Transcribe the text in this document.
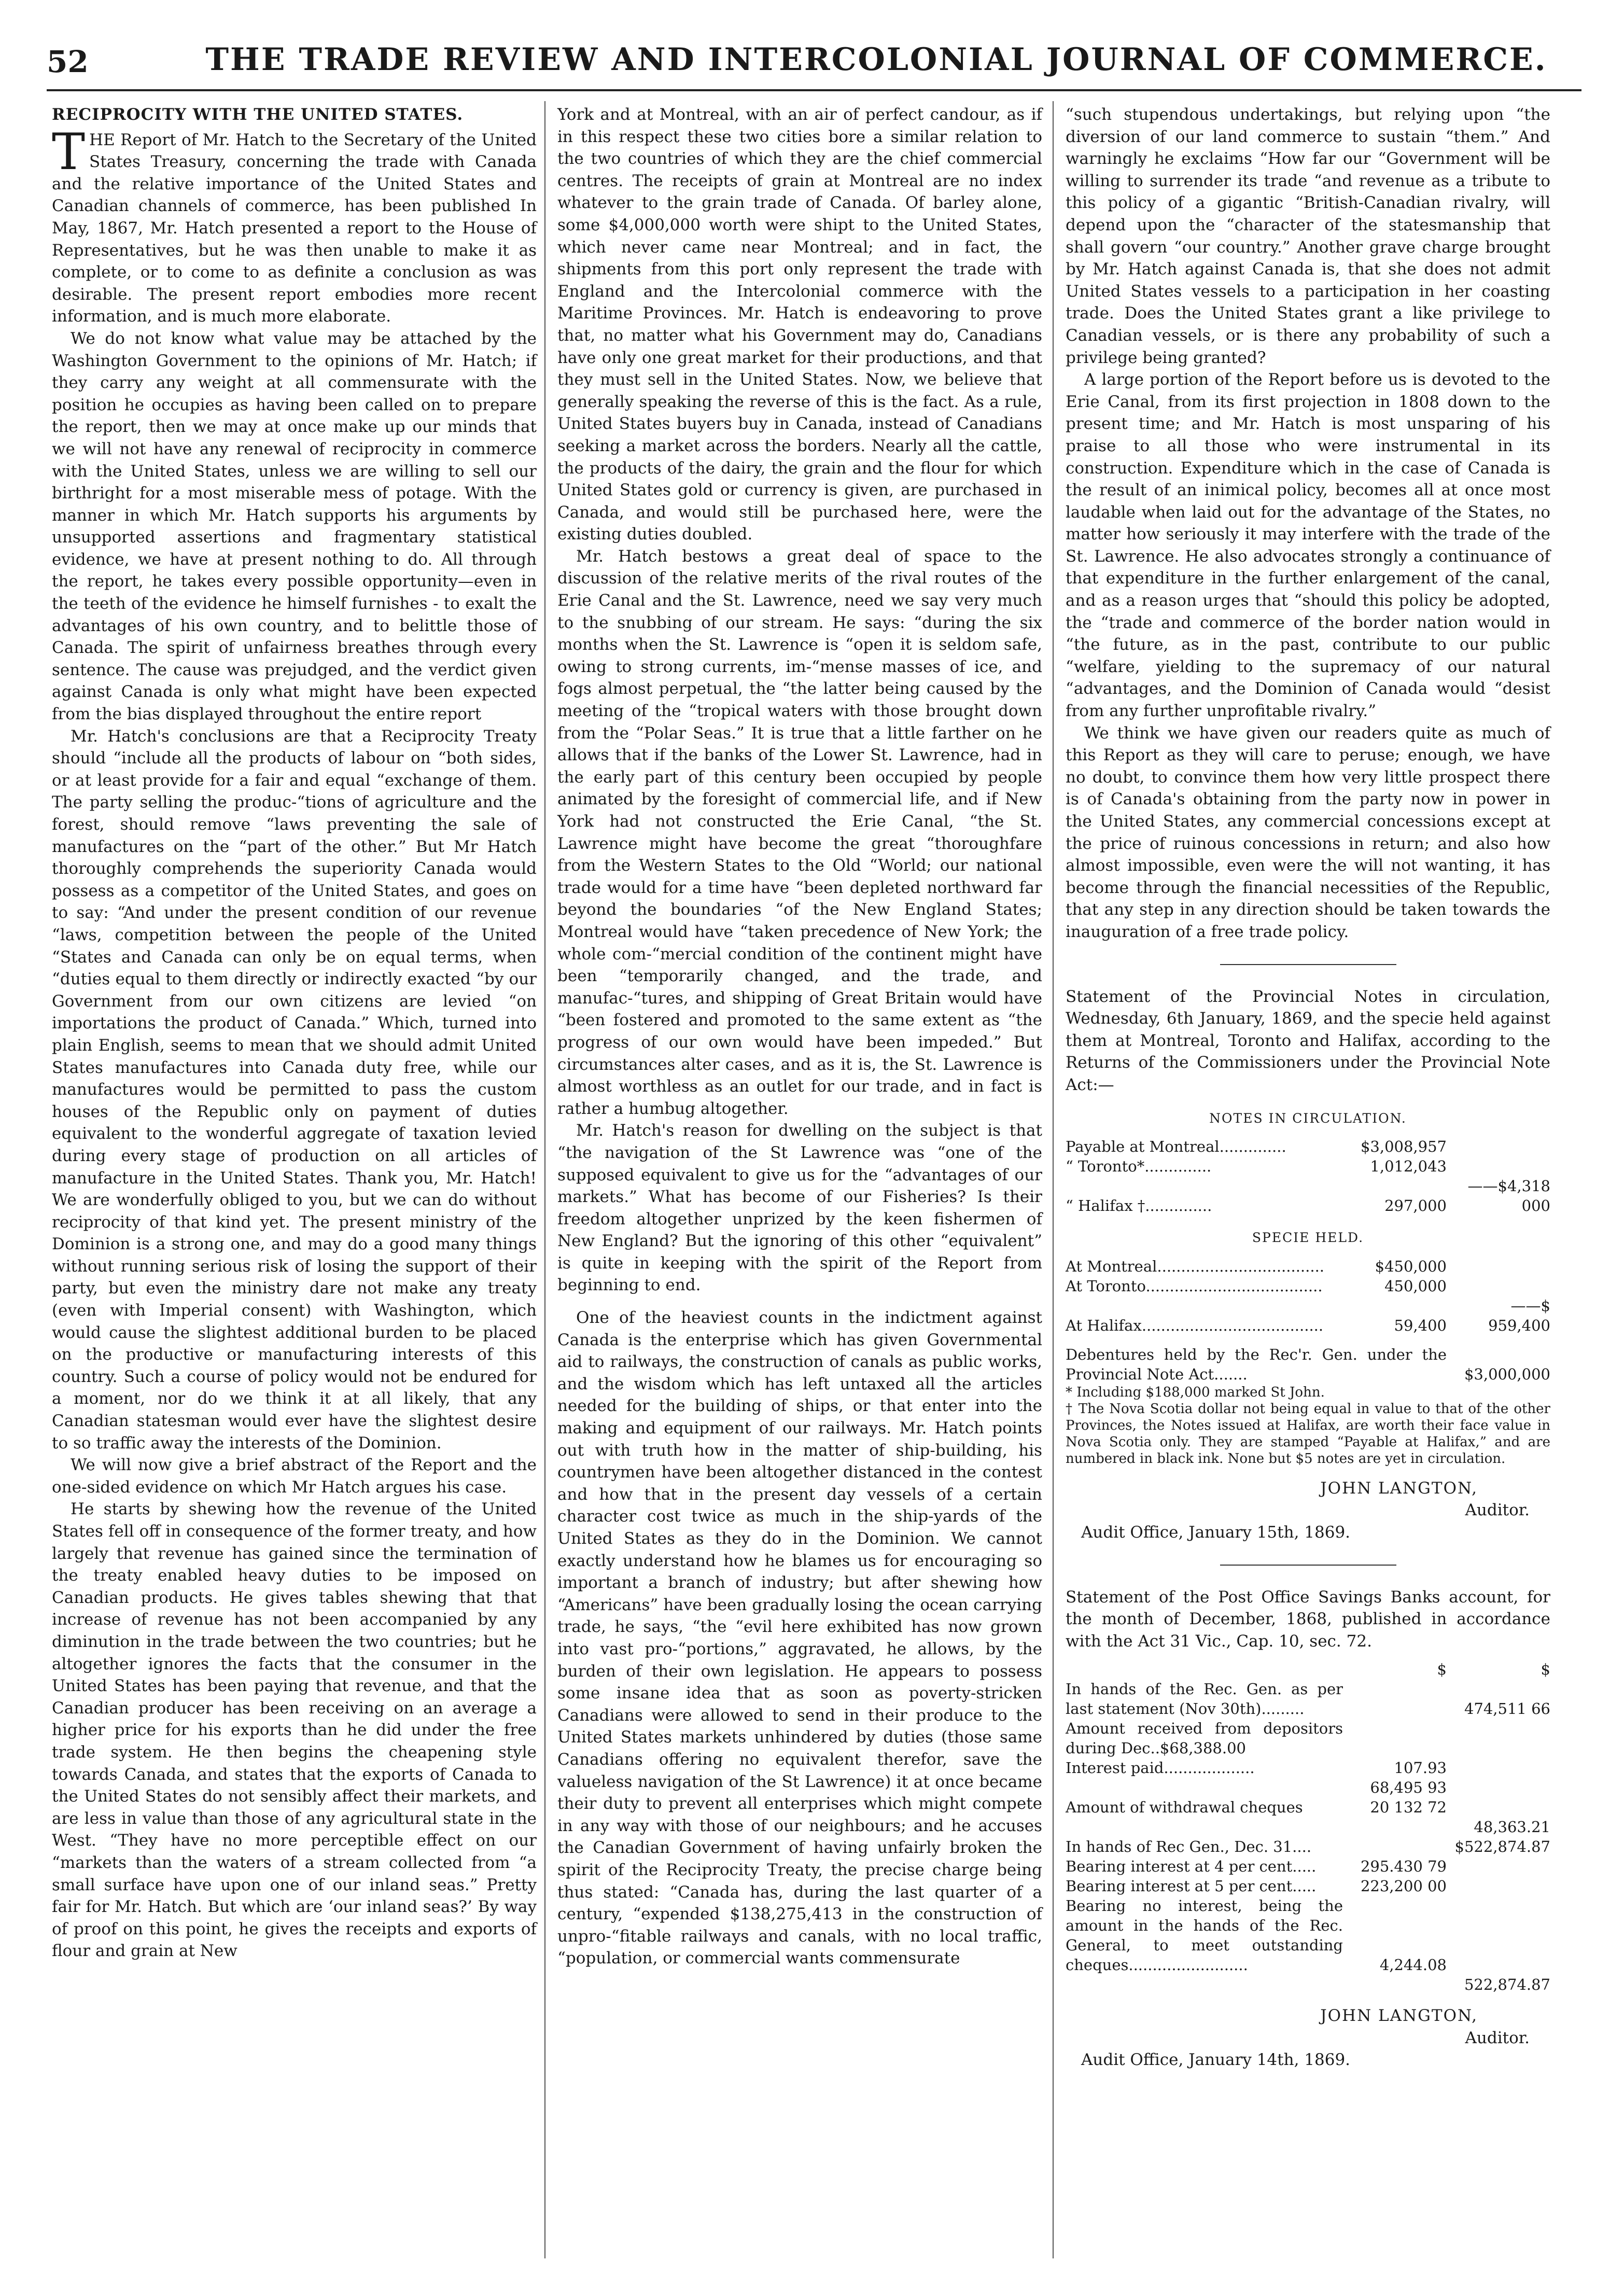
52	THE TRADE REVIEW AND INTERCOLONIAL JOURNAL OF COMMERCE.
RECIPROCITY WITH THE UNITED STATES.

THE Report of Mr. Hatch to the Secretary of the United States Treasury, concerning the trade with Canada and the relative importance of the United States and Canadian channels of commerce, has been published In May, 1867, Mr. Hatch presented a report to the House of Representatives, but he was then unable to make it as complete, or to come to as definite a conclusion as was desirable. The present report embodies more recent information, and is much more elaborate.

We do not know what value may be attached by the Washington Government to the opinions of Mr. Hatch; if they carry any weight at all commensurate with the position he occupies as having been called on to prepare the report, then we may at once make up our minds that we will not have any renewal of reciprocity in commerce with the United States, unless we are willing to sell our birthright for a most miserable mess of potage. With the manner in which Mr. Hatch supports his arguments by unsupported assertions and fragmentary statistical evidence, we have at present nothing to do. All through the report, he takes every possible opportunity—even in the teeth of the evidence he himself furnishes - to exalt the advantages of his own country, and to belittle those of Canada. The spirit of unfairness breathes through every sentence. The cause was prejudged, and the verdict given against Canada is only what might have been expected from the bias displayed throughout the entire report

Mr. Hatch's conclusions are that a Reciprocity Treaty should “include all the products of labour on “both sides, or at least provide for a fair and equal “exchange of them. The party selling the produc-“tions of agriculture and the forest, should remove “laws preventing the sale of manufactures on the “part of the other.” But Mr Hatch thoroughly comprehends the superiority Canada would possess as a competitor of the United States, and goes on to say: “And under the present condition of our revenue “laws, competition between the people of the United “States and Canada can only be on equal terms, when “duties equal to them directly or indirectly exacted “by our Government from our own citizens are levied “on importations the product of Canada.” Which, turned into plain English, seems to mean that we should admit United States manufactures into Canada duty free, while our manufactures would be permitted to pass the custom houses of the Republic only on payment of duties equivalent to the wonderful aggregate of taxation levied during every stage of production on all articles of manufacture in the United States. Thank you, Mr. Hatch! We are wonderfully obliged to you, but we can do without reciprocity of that kind yet. The present ministry of the Dominion is a strong one, and may do a good many things without running serious risk of losing the support of their party, but even the ministry dare not make any treaty (even with Imperial consent) with Washington, which would cause the slightest additional burden to be placed on the productive or manufacturing interests of this country. Such a course of policy would not be endured for a moment, nor do we think it at all likely, that any Canadian statesman would ever have the slightest desire to so traffic away the interests of the Dominion.

We will now give a brief abstract of the Report and the one-sided evidence on which Mr Hatch argues his case.

He starts by shewing how the revenue of the United States fell off in consequence of the former treaty, and how largely that revenue has gained since the termination of the treaty enabled heavy duties to be imposed on Canadian products. He gives tables shewing that that increase of revenue has not been accompanied by any diminution in the trade between the two countries; but he altogether ignores the facts that the consumer in the United States has been paying that revenue, and that the Canadian producer has been receiving on an average a higher price for his exports than he did under the free trade system. He then begins the cheapening style towards Canada, and states that the exports of Canada to the United States do not sensibly affect their markets, and are less in value than those of any agricultural state in the West. “They have no more perceptible effect on our “markets than the waters of a stream collected from “a small surface have upon one of our inland seas.” Pretty fair for Mr. Hatch. But which are ‘our inland seas?’ By way of proof on this point, he gives the receipts and exports of flour and grain at New

York and at Montreal, with an air of perfect candour, as if in this respect these two cities bore a similar relation to the two countries of which they are the chief commercial centres. The receipts of grain at Montreal are no index whatever to the grain trade of Canada. Of barley alone, some $4,000,000 worth were shipt to the United States, which never came near Montreal; and in fact, the shipments from this port only represent the trade with England and the Intercolonial commerce with the Maritime Provinces. Mr. Hatch is endeavoring to prove that, no matter what his Government may do, Canadians have only one great market for their productions, and that they must sell in the United States. Now, we believe that generally speaking the reverse of this is the fact. As a rule, United States buyers buy in Canada, instead of Canadians seeking a market across the borders. Nearly all the cattle, the products of the dairy, the grain and the flour for which United States gold or currency is given, are purchased in Canada, and would still be purchased here, were the existing duties doubled.

Mr. Hatch bestows a great deal of space to the discussion of the relative merits of the rival routes of the Erie Canal and the St. Lawrence, need we say very much to the snubbing of our stream. He says: “during the six months when the St. Lawrence is “open it is seldom safe, owing to strong currents, im-“mense masses of ice, and fogs almost perpetual, the “the latter being caused by the meeting of the “tropical waters with those brought down from the “Polar Seas.” It is true that a little farther on he allows that if the banks of the Lower St. Lawrence, had in the early part of this century been occupied by people animated by the foresight of commercial life, and if New York had not constructed the Erie Canal, “the St. Lawrence might have become the great “thoroughfare from the Western States to the Old “World; our national trade would for a time have “been depleted northward far beyond the boundaries “of the New England States; Montreal would have “taken precedence of New York; the whole com-“mercial condition of the continent might have been “temporarily changed, and the trade, and manufac-“tures, and shipping of Great Britain would have “been fostered and promoted to the same extent as “the progress of our own would have been impeded.” But circumstances alter cases, and as it is, the St. Lawrence is almost worthless as an outlet for our trade, and in fact is rather a humbug altogether.

Mr. Hatch's reason for dwelling on the subject is that “the navigation of the St Lawrence was “one of the supposed equivalent to give us for the “advantages of our markets.” What has become of our Fisheries? Is their freedom altogether unprized by the keen fishermen of New England? But the ignoring of this other “equivalent” is quite in keeping with the spirit of the Report from beginning to end.

One of the heaviest counts in the indictment against Canada is the enterprise which has given Governmental aid to railways, the construction of canals as public works, and the wisdom which has left untaxed all the articles needed for the building of ships, or that enter into the making and equipment of our railways. Mr. Hatch points out with truth how in the matter of ship-building, his countrymen have been altogether distanced in the contest and how that in the present day vessels of a certain character cost twice as much in the ship-yards of the United States as they do in the Dominion. We cannot exactly understand how he blames us for encouraging so important a branch of industry; but after shewing how “Americans” have been gradually losing the ocean carrying trade, he says, “the “evil here exhibited has now grown into vast pro-“portions,” aggravated, he allows, by the burden of their own legislation. He appears to possess some insane idea that as soon as poverty-stricken Canadians were allowed to send in their produce to the United States markets unhindered by duties (those same Canadians offering no equivalent therefor, save the valueless navigation of the St Lawrence) it at once became their duty to prevent all enterprises which might compete in any way with those of our neighbours; and he accuses the Canadian Government of having unfairly broken the spirit of the Reciprocity Treaty, the precise charge being thus stated: “Canada has, during the last quarter of a century, “expended $138,275,413 in the construction of unpro-“fitable railways and canals, with no local traffic, “population, or commercial wants commensurate

“such stupendous undertakings, but relying upon “the diversion of our land commerce to sustain “them.” And warningly he exclaims “How far our “Government will be willing to surrender its trade “and revenue as a tribute to this policy of a gigantic “British-Canadian rivalry, will depend upon the “character of the statesmanship that shall govern “our country.” Another grave charge brought by Mr. Hatch against Canada is, that she does not admit United States vessels to a participation in her coasting trade. Does the United States grant a like privilege to Canadian vessels, or is there any probability of such a privilege being granted?

A large portion of the Report before us is devoted to the Erie Canal, from its first projection in 1808 down to the present time; and Mr. Hatch is most unsparing of his praise to all those who were instrumental in its construction. Expenditure which in the case of Canada is the result of an inimical policy, becomes all at once most laudable when laid out for the advantage of the States, no matter how seriously it may interfere with the trade of the St. Lawrence. He also advocates strongly a continuance of that expenditure in the further enlargement of the canal, and as a reason urges that “should this policy be adopted, the “trade and commerce of the border nation would in “the future, as in the past, contribute to our public “welfare, yielding to the supremacy of our natural “advantages, and the Dominion of Canada would “desist from any further unprofitable rivalry.”

We think we have given our readers quite as much of this Report as they will care to peruse; enough, we have no doubt, to convince them how very little prospect there is of Canada's obtaining from the party now in power in the United States, any commercial concessions except at the price of ruinous concessions in return; and also how almost impossible, even were the will not wanting, it has become through the financial necessities of the Republic, that any step in any direction should be taken towards the inauguration of a free trade policy.

Statement of the Provincial Notes in circulation, Wednesday, 6th January, 1869, and the specie held against them at Montreal, Toronto and Halifax, according to the Returns of the Commissioners under the Provincial Note Act:—

NOTES IN CIRCULATION.
Payable at Montreal..............	$3,008,957	
“ Toronto*..............	1,012,043	
“ Halifax †..............	297,000	——$4,318 000
SPECIE HELD.
At Montreal...................................	$450,000	
At Toronto.....................................	450,000	
At Halifax......................................	59,400	——$ 959,400
Debentures held by the Rec'r. Gen. under the Provincial Note Act.......	$3,000,000

* Including $188,000 marked St John.

† The Nova Scotia dollar not being equal in value to that of the other Provinces, the Notes issued at Halifax, are worth their face value in Nova Scotia only. They are stamped “Payable at Halifax,” and are numbered in black ink. None but $5 notes are yet in circulation.

JOHN LANGTON,
Auditor.
Audit Office, January 15th, 1869.

Statement of the Post Office Savings Banks account, for the month of December, 1868, published in accordance with the Act 31 Vic., Cap. 10, sec. 72.

	$	$
In hands of the Rec. Gen. as per last statement (Nov 30th).........		474,511 66
Amount received from depositors during Dec..$68,388.00		
Interest paid...................	107.93	
	68,495 93	
Amount of withdrawal cheques	20 132 72	
		48,363.21
In hands of Rec Gen., Dec. 31....		$522,874.87
Bearing interest at 4 per cent.....	295.430 79	
Bearing interest at 5 per cent.....	223,200 00	
Bearing no interest, being the amount in the hands of the Rec. General, to meet outstanding cheques.........................	4,244.08	
		522,874.87
JOHN LANGTON,
Auditor.
Audit Office, January 14th, 1869.
